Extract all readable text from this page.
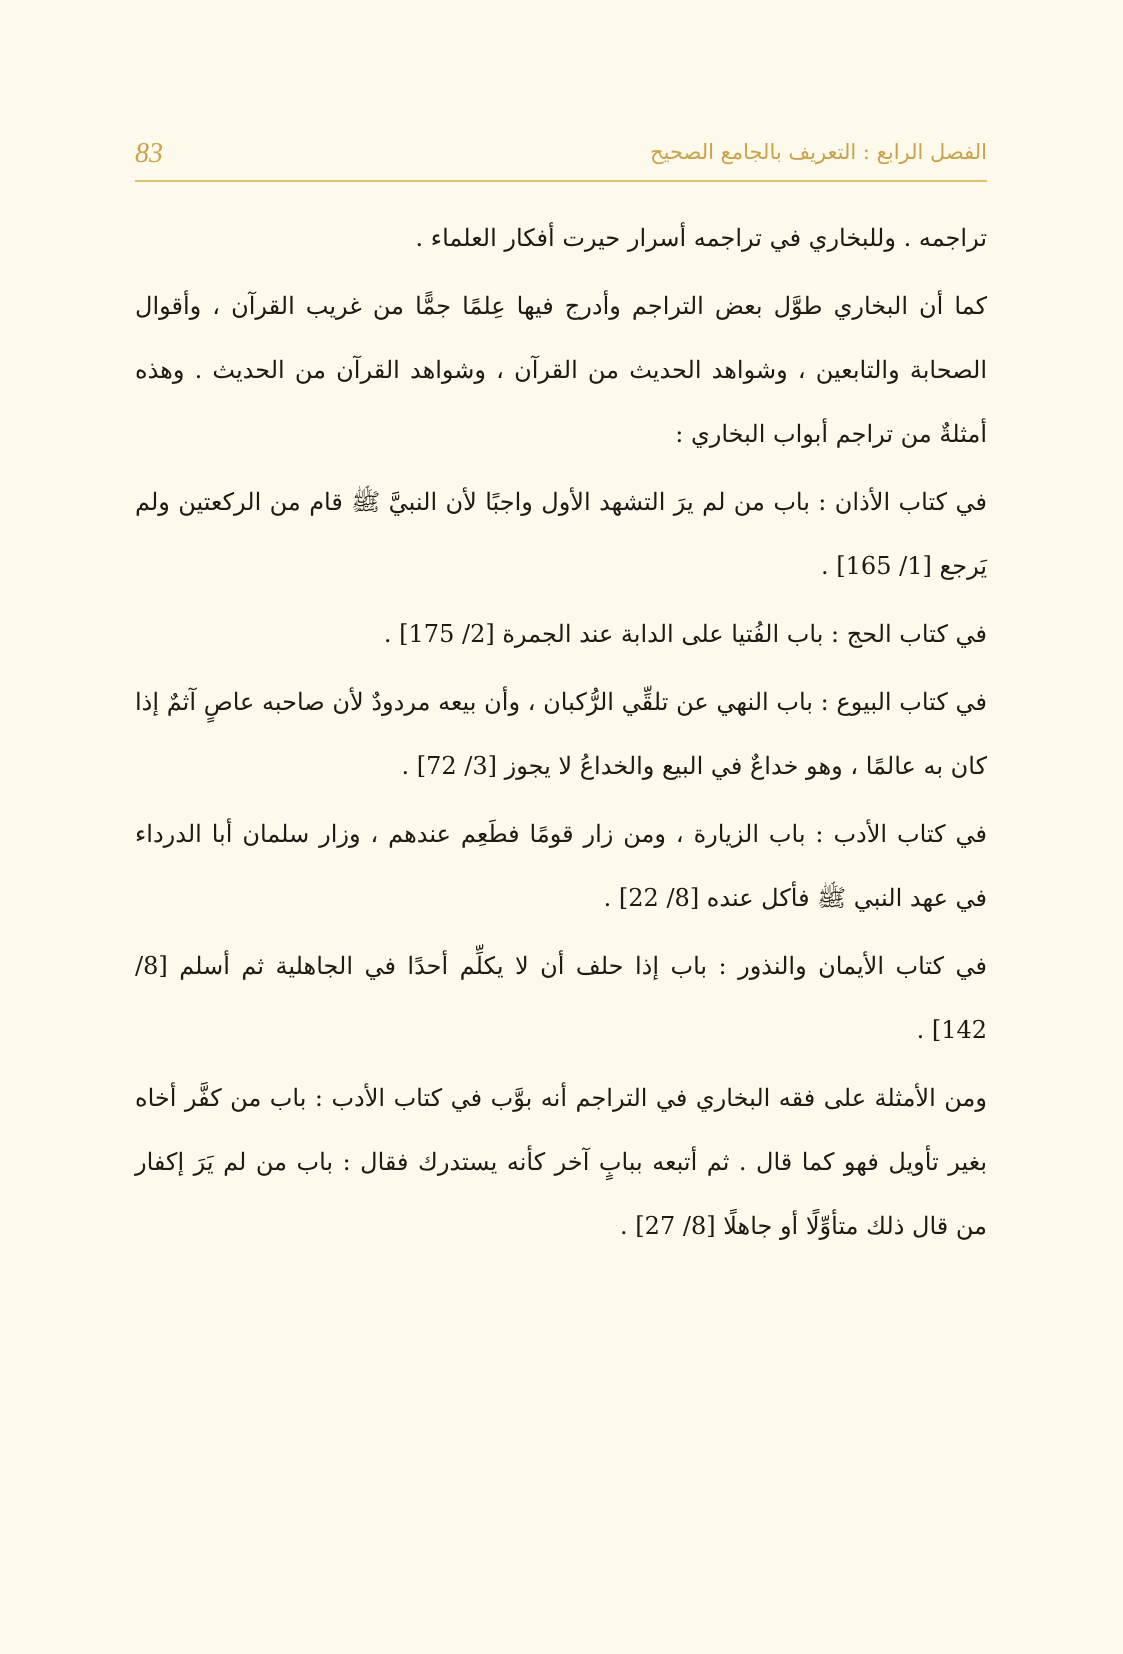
83	الفصل الرابع : التعريف بالجامع الصحيح

تراجمه . وللبخاري في تراجمه أسرار حيرت أفكار العلماء .

كما أن البخاري طوَّل بعض التراجم وأدرج فيها عِلمًا جمًّا من غريب القرآن ، وأقوال الصحابة والتابعين ، وشواهد الحديث من القرآن ، وشواهد القرآن من الحديث . وهذه أمثلةٌ من تراجم أبواب البخاري :

في كتاب الأذان : باب من لم يرَ التشهد الأول واجبًا لأن النبيَّ ﷺ قام من الركعتين ولم يَرجع [1/ 165] .

في كتاب الحج : باب الفُتيا على الدابة عند الجمرة [2/ 175] .

في كتاب البيوع : باب النهي عن تلقِّي الرُّكبان ، وأن بيعه مردودٌ لأن صاحبه عاصٍ آثمٌ إذا كان به عالمًا ، وهو خداعٌ في البيع والخداعُ لا يجوز [3/ 72] .

في كتاب الأدب : باب الزيارة ، ومن زار قومًا فطَعِم عندهم ، وزار سلمان أبا الدرداء في عهد النبي ﷺ فأكل عنده [8/ 22] .

في كتاب الأيمان والنذور : باب إذا حلف أن لا يكلِّم أحدًا في الجاهلية ثم أسلم [8/ 142] .

ومن الأمثلة على فقه البخاري في التراجم أنه بوَّب في كتاب الأدب : باب من كفَّر أخاه بغير تأويل فهو كما قال . ثم أتبعه ببابٍ آخر كأنه يستدرك فقال : باب من لم يَرَ إكفار من قال ذلك متأوِّلًا أو جاهلًا [8/ 27] .
